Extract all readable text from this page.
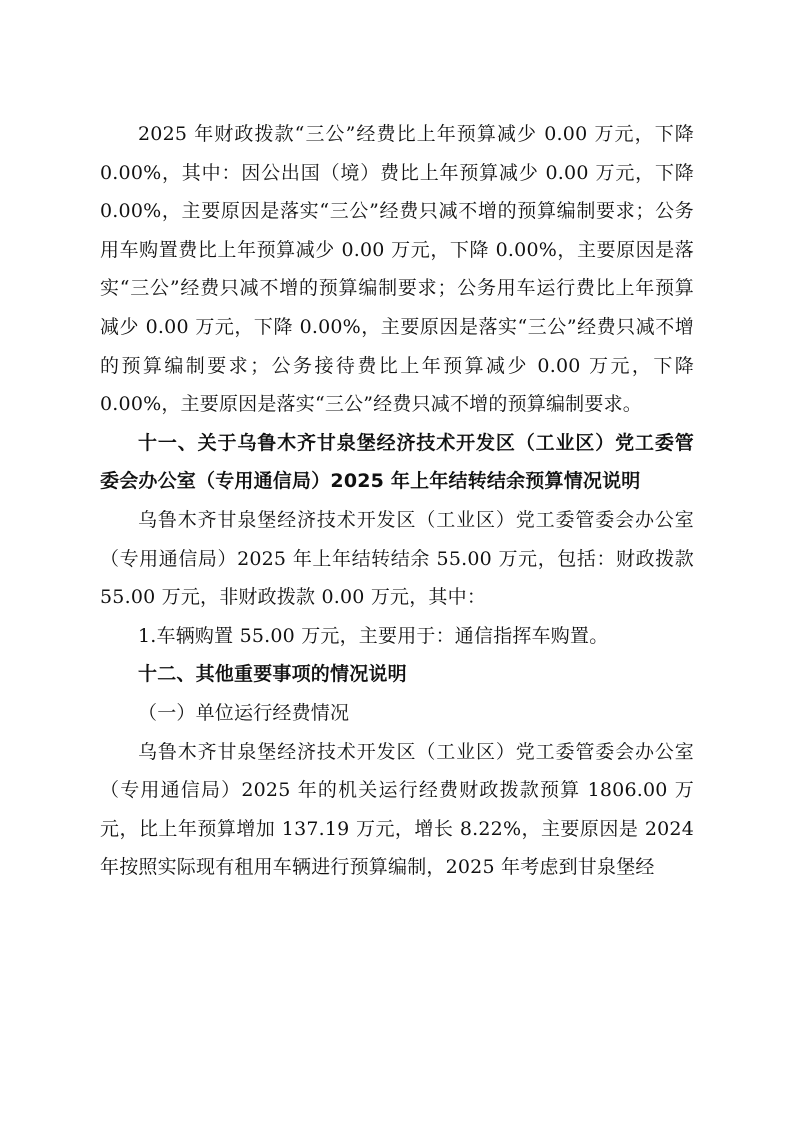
2025 年财政拨款“三公”经费比上年预算减少 0.00 万元，下降 0.00%，其中：因公出国（境）费比上年预算减少 0.00 万元，下降 0.00%，主要原因是落实“三公”经费只减不增的预算编制要求；公务用车购置费比上年预算减少 0.00 万元，下降 0.00%，主要原因是落实“三公”经费只减不增的预算编制要求；公务用车运行费比上年预算减少 0.00 万元，下降 0.00%，主要原因是落实“三公”经费只减不增的预算编制要求；公务接待费比上年预算减少 0.00 万元，下降 0.00%，主要原因是落实“三公”经费只减不增的预算编制要求。

十一、关于乌鲁木齐甘泉堡经济技术开发区（工业区）党工委管委会办公室（专用通信局）2025 年上年结转结余预算情况说明

乌鲁木齐甘泉堡经济技术开发区（工业区）党工委管委会办公室（专用通信局）2025 年上年结转结余 55.00 万元，包括：财政拨款 55.00 万元，非财政拨款 0.00 万元，其中：

1.车辆购置 55.00 万元，主要用于：通信指挥车购置。

十二、其他重要事项的情况说明

（一）单位运行经费情况

乌鲁木齐甘泉堡经济技术开发区（工业区）党工委管委会办公室（专用通信局）2025 年的机关运行经费财政拨款预算 1806.00 万元，比上年预算增加 137.19 万元，增长 8.22%，主要原因是 2024 年按照实际现有租用车辆进行预算编制，2025 年考虑到甘泉堡经
